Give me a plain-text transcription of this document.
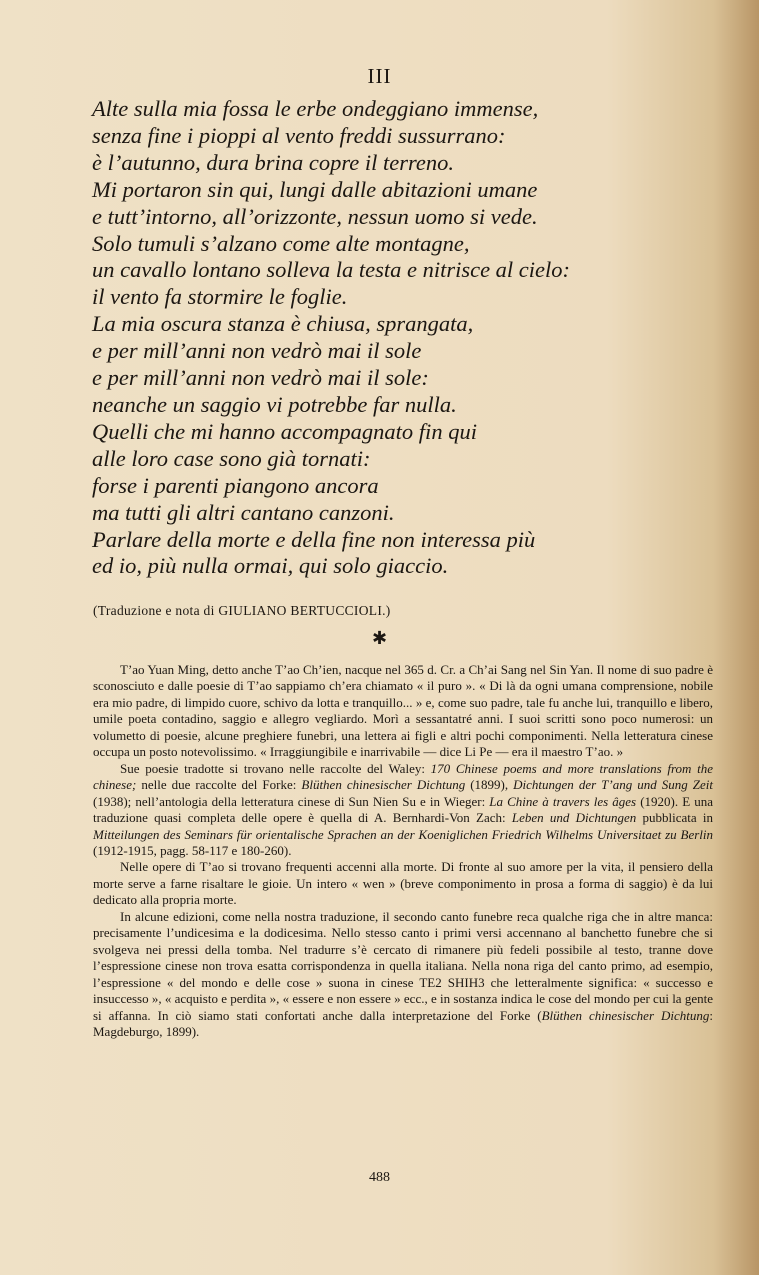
III
Alte sulla mia fossa le erbe ondeggiano immense,
senza fine i pioppi al vento freddi sussurrano:
è l’autunno, dura brina copre il terreno.
Mi portaron sin qui, lungi dalle abitazioni umane
e tutt’intorno, all’orizzonte, nessun uomo si vede.
Solo tumuli s’alzano come alte montagne,
un cavallo lontano solleva la testa e nitrisce al cielo:
il vento fa stormire le foglie.
La mia oscura stanza è chiusa, sprangata,
e per mill’anni non vedrò mai il sole
e per mill’anni non vedrò mai il sole:
neanche un saggio vi potrebbe far nulla.
Quelli che mi hanno accompagnato fin qui
alle loro case sono già tornati:
forse i parenti piangono ancora
ma tutti gli altri cantano canzoni.
Parlare della morte e della fine non interessa più
ed io, più nulla ormai, qui solo giaccio.
(Traduzione e nota di GIULIANO BERTUCCIOLI.)
✱

T’ao Yuan Ming, detto anche T’ao Ch’ien, nacque nel 365 d. Cr. a Ch’ai Sang nel Sin Yan. Il nome di suo padre è sconosciuto e dalle poesie di T’ao sappiamo ch’era chiamato « il puro ». « Di là da ogni umana comprensione, nobile era mio padre, di limpido cuore, schivo da lotta e tranquillo... » e, come suo padre, tale fu anche lui, tranquillo e libero, umile poeta contadino, saggio e allegro vegliardo. Morì a sessantatré anni. I suoi scritti sono poco numerosi: un volumetto di poesie, alcune preghiere funebri, una lettera ai figli e altri pochi componimenti. Nella letteratura cinese occupa un posto notevolissimo. « Irraggiungibile e inarrivabile — dice Li Pe — era il maestro T’ao. »

Sue poesie tradotte si trovano nelle raccolte del Waley: 170 Chinese poems and more translations from the chinese; nelle due raccolte del Forke: Blüthen chinesischer Dichtung (1899), Dichtungen der T’ang und Sung Zeit (1938); nell’antologia della letteratura cinese di Sun Nien Su e in Wieger: La Chine à travers les âges (1920). E una traduzione quasi completa delle opere è quella di A. Bernhardi-Von Zach: Leben und Dichtungen pubblicata in Mitteilungen des Seminars für orientalische Sprachen an der Koeniglichen Friedrich Wilhelms Universitaet zu Berlin (1912-1915, pagg. 58-117 e 180-260).

Nelle opere di T’ao si trovano frequenti accenni alla morte. Di fronte al suo amore per la vita, il pensiero della morte serve a farne risaltare le gioie. Un intero « wen » (breve componimento in prosa a forma di saggio) è da lui dedicato alla propria morte.

In alcune edizioni, come nella nostra traduzione, il secondo canto funebre reca qualche riga che in altre manca: precisamente l’undicesima e la dodicesima. Nello stesso canto i primi versi accennano al banchetto funebre che si svolgeva nei pressi della tomba. Nel tradurre s’è cercato di rimanere più fedeli possibile al testo, tranne dove l’espressione cinese non trova esatta corrispondenza in quella italiana. Nella nona riga del canto primo, ad esempio, l’espressione « del mondo e delle cose » suona in cinese TE2 SHIH3 che letteralmente significa: « successo e insuccesso », « acquisto e perdita », « essere e non essere » ecc., e in sostanza indica le cose del mondo per cui la gente si affanna. In ciò siamo stati confortati anche dalla interpretazione del Forke (Blüthen chinesischer Dichtung: Magdeburgo, 1899).

488
